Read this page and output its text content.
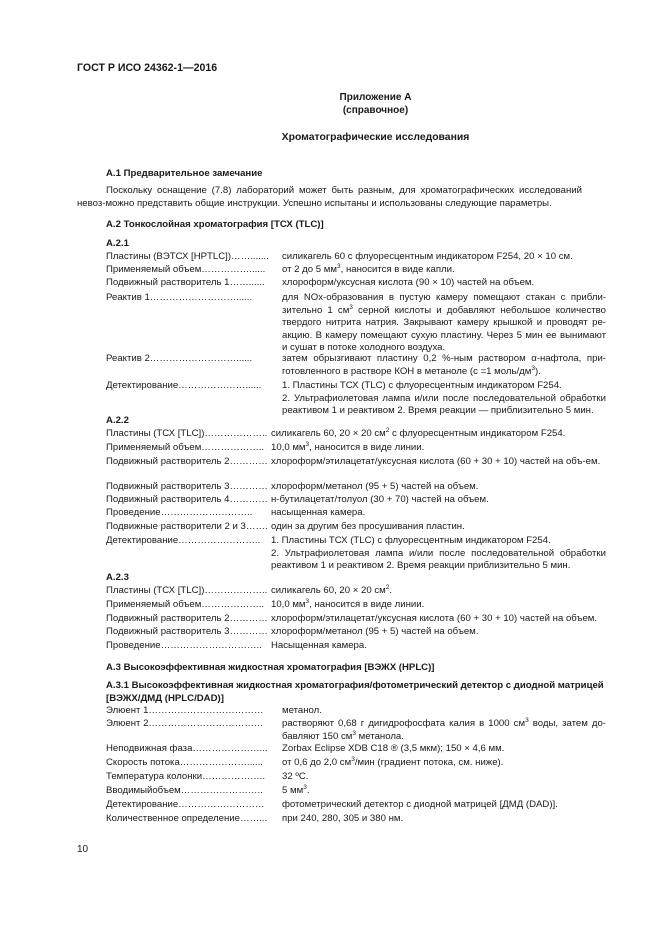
ГОСТ Р ИСО 24362-1—2016
Приложение А
(справочное)
Хроматографические исследования
А.1 Предварительное замечание
Поскольку оснащение (7.8) лабораторий может быть разным, для хроматографических исследований невоз-можно представить общие инструкции. Успешно испытаны и использованы следующие параметры.
А.2 Тонкослойная хроматография [ТСХ (TLC)]
А.2.1
Пластины (ВЭТСХ [HPTLC])…….......	силикагель 60 с флуоресцентным индикатором F254, 20 × 10 см.
Применяемый объем……………......	от 2 до 5 $мм^3$, наносится в виде капли.
Подвижный растворитель 1……......	хлороформ/уксусная кислота (90 × 10) частей на объем.
Реактив 1………………………......	для NOx-образования в пустую камеру помещают стакан с прибли-зительно 1 $см^3$ серной кислоты и добавляют небольшое количество твердого нитрита натрия. Закрывают камеру крышкой и проводят ре-акцию. В камеру помещают сухую пластину. Через 5 мин ее вынимают и сушат в потоке холодного воздуха.
Реактив 2………………………......	затем обрызгивают пластину 0,2 %-ным раствором α-нафтола, при-готовленного в растворе КОН в метаноле (с =1 моль/$дм^3$).
Детектирование…………………......	1. Пластины ТСХ (TLC) с флуоресцентным индикатором F254.
2. Ультрафиолетовая лампа и/или после последовательной обработки реактивом 1 и реактивом 2. Время реакции — приблизительно 5 мин.
А.2.2
Пластины (ТСХ [TLC])……………….. силикагель 60, 20 × 20 $см^2$ с флуоресцентным индикатором F254.
Применяемый объем……………….. 10,0 $мм^3$, наносится в виде линии.
Подвижный растворитель 2………… хлороформ/этилацетат/уксусная кислота (60 + 30 + 10) частей на объ-ем.
Подвижный растворитель 3………… хлороформ/метанол (95 + 5) частей на объем.
Подвижный растворитель 4………… н-бутилацетат/толуол (30 + 70) частей на объем.
Проведение………………………..	насыщенная камера.
Подвижные растворители 2 и 3……. один за другим без просушивания пластин.
Детектирование……………………..	1. Пластины ТСХ (TLC) с флуоресцентным индикатором F254.
2. Ультрафиолетовая лампа и/или после последовательной обработки реактивом 1 и реактивом 2. Время реакции приблизительно 5 мин.
А.2.3
Пластины (ТСХ [TLC])……………….. силикагель 60, 20 × 20 $см^2$.
Применяемый объем……………….. 10,0 $мм^3$, наносится в виде линии.
Подвижный растворитель 2………… хлороформ/этилацетат/уксусная кислота (60 + 30 + 10) частей на объем.
Подвижный растворитель 3………… хлороформ/метанол (95 + 5) частей на объем.
Проведение………………………….. Насыщенная камера.
А.3 Высокоэффективная жидкостная хроматография [ВЭЖХ (HPLC)]
А.3.1 Высокоэффективная жидкостная хроматография/фотометрический детектор с диодной матрицей [ВЭЖХ/ДМД (HPLC/DAD)]
Элюент 1………………………………	метанол.
Элюент 2………………………………	растворяют 0,68 г дигидрофосфата калия в 1000 $см^3$ воды, затем до-бавляют 150 $см^3$ метанола.
Неподвижная фаза…………………...	Zorbax Eclipse XDB C18 ® (3,5 мкм); 150 × 4,6 мм.
Скорость потока…………………......	от 0,6 до 2,0 $см^3$/мин (градиент потока, см. ниже).
Температура колонки………………..	32 ºС.
Вводимыйобъем……………………..	5 $мм^3$.
Детектирование………………………	фотометрический детектор с диодной матрицей [ДМД (DAD)].
Количественное определение……...	при 240, 280, 305 и 380 нм.
10
